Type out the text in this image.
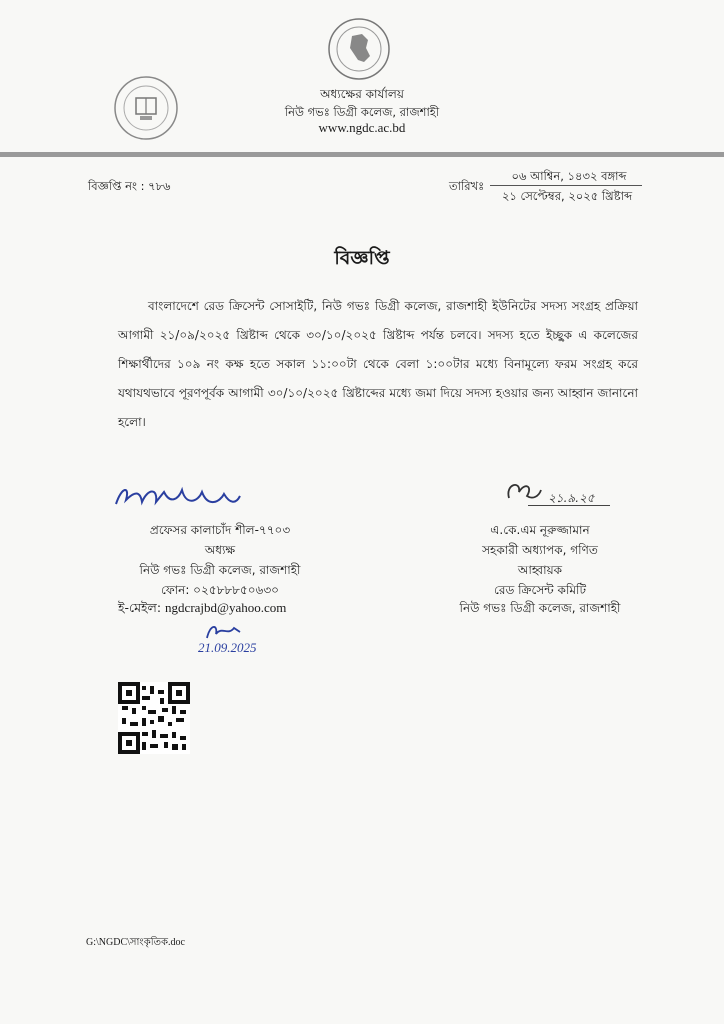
অধ্যক্ষের কার্যালয়
নিউ গভঃ ডিগ্রী কলেজ, রাজশাহী
www.ngdc.ac.bd
বিজ্ঞপ্তি নং : ৭৮৬	তারিখঃ
০৬ আশ্বিন, ১৪৩২ বঙ্গাব্দ
২১ সেপ্টেম্বর, ২০২৫ খ্রিষ্টাব্দ
বিজ্ঞপ্তি
বাংলাদেশে রেড ক্রিসেন্ট সোসাইটি, নিউ গভঃ ডিগ্রী কলেজ, রাজশাহী ইউনিটের সদস্য সংগ্রহ প্রক্রিয়া আগামী ২১/০৯/২০২৫ খ্রিষ্টাব্দ থেকে ৩০/১০/২০২৫ খ্রিষ্টাব্দ পর্যন্ত চলবে। সদস্য হতে ইচ্ছুক এ কলেজের শিক্ষার্থীদের ১০৯ নং কক্ষ হতে সকাল ১১:০০টা থেকে বেলা ১:০০টার মধ্যে বিনামূল্যে ফরম সংগ্রহ করে যথাযথভাবে পূরণপূর্বক আগামী ৩০/১০/২০২৫ খ্রিষ্টাব্দের মধ্যে জমা দিয়ে সদস্য হওয়ার জন্য আহ্বান জানানো হলো।
প্রফেসর কালাচাঁদ শীল-৭৭০৩
অধ্যক্ষ
নিউ গভঃ ডিগ্রী কলেজ, রাজশাহী
ফোন: ০২৫৮৮৮৫০৬৩০
ই-মেইল: ngdcrajbd@yahoo.com
21.09.2025
২১.৯.২৫
এ.কে.এম নূরুজ্জামান
সহকারী অধ্যাপক, গণিত
আহ্বায়ক
রেড ক্রিসেন্ট কমিটি
নিউ গভঃ ডিগ্রী কলেজ, রাজশাহী
G:\NGDC\সাংকৃতিক.doc
